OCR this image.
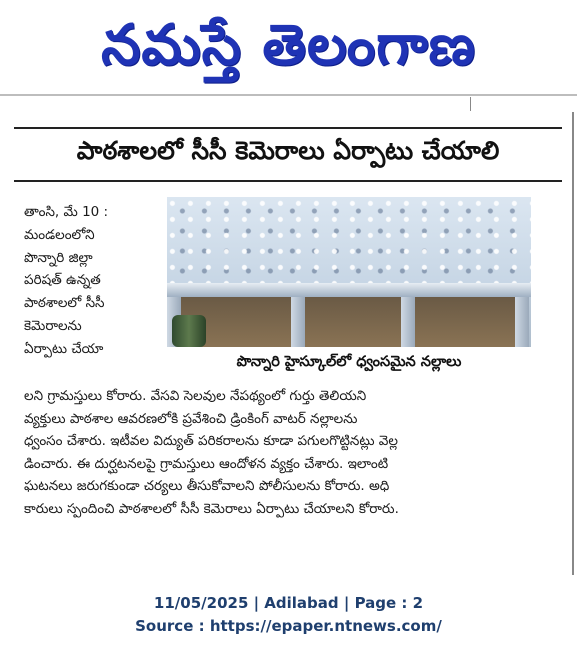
నమస్తే తెలంగాణ
పాఠశాలలో సీసీ కెమెరాలు ఏర్పాటు చేయాలి

తాంసి, మే 10 :

మండలంలోని

పొన్నారి జిల్లా

పరిషత్ ఉన్నత

పాఠశాలలో సీసీ

కెమెరాలను

ఏర్పాటు చేయా

పొన్నారి హైస్కూల్‌లో ధ్వంసమైన నల్లాలు

లని గ్రామస్తులు కోరారు. వేసవి సెలవుల నేపథ్యంలో గుర్తు తెలియని

వ్యక్తులు పాఠశాల ఆవరణలోకి ప్రవేశించి డ్రింకింగ్ వాటర్ నల్లాలను

ధ్వంసం చేశారు. ఇటీవల విద్యుత్ పరికరాలను కూడా పగులగొట్టినట్లు వెల్ల

డించారు. ఈ దుర్ఘటనలపై గ్రామస్తులు ఆందోళన వ్యక్తం చేశారు. ఇలాంటి

ఘటనలు జరుగకుండా చర్యలు తీసుకోవాలని పోలీసులను కోరారు. అధి

కారులు స్పందించి పాఠశాలలో సీసీ కెమెరాలు ఏర్పాటు చేయాలని కోరారు.

11/05/2025 | Adilabad | Page : 2
Source : https://epaper.ntnews.com/
